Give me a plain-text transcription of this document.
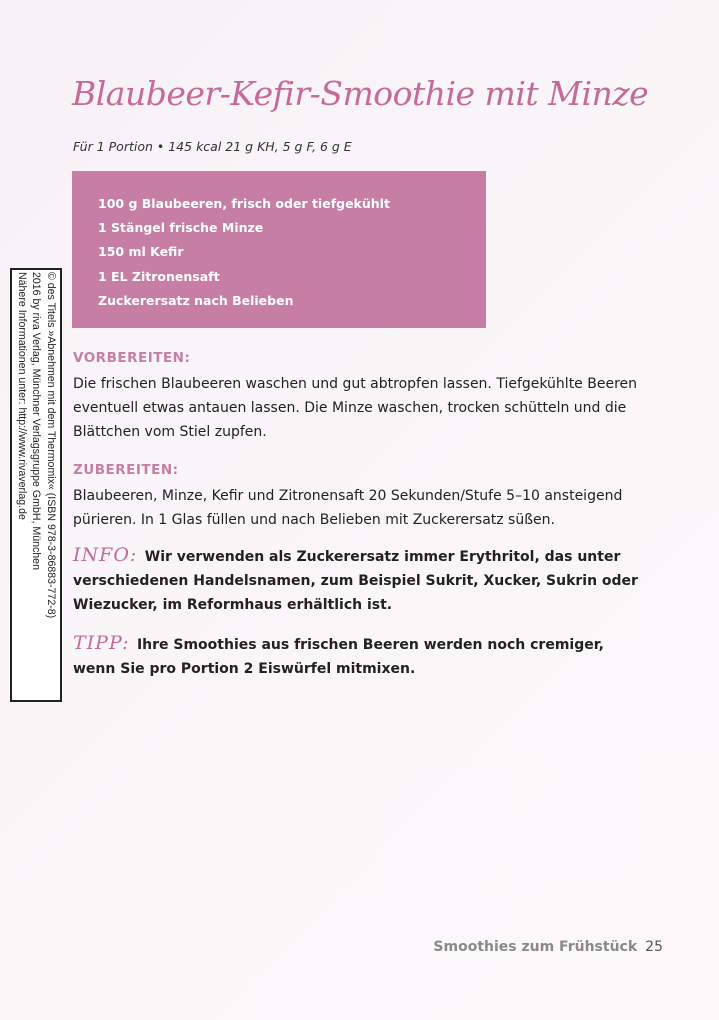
Blaubeer-Kefir-Smoothie mit Minze
Für 1 Portion • 145 kcal 21 g KH, 5 g F, 6 g E
100 g Blaubeeren, frisch oder tiefgekühlt
1 Stängel frische Minze
150 ml Kefir
1 EL Zitronensaft
Zuckerersatz nach Belieben
VORBEREITEN:
Die frischen Blaubeeren waschen und gut abtropfen lassen. Tiefgekühlte Beeren eventuell etwas antauen lassen. Die Minze waschen, trocken schütteln und die Blättchen vom Stiel zupfen.
ZUBEREITEN:
Blaubeeren, Minze, Kefir und Zitronensaft 20 Sekunden/Stufe 5–10 ansteigend pürieren. In 1 Glas füllen und nach Belieben mit Zuckerersatz süßen.
INFO: Wir verwenden als Zuckerersatz immer Erythritol, das unter verschiedenen Handelsnamen, zum Beispiel Sukrit, Xucker, Sukrin oder Wiezucker, im Reformhaus erhältlich ist.
TIPP: Ihre Smoothies aus frischen Beeren werden noch cremiger, wenn Sie pro Portion 2 Eiswürfel mitmixen.
© des Titels »Abnehmen mit dem Thermomix« (ISBN 978-3-86883-772-8)
2016 by riva Verlag, Münchner Verlagsgruppe GmbH, München
Nähere Informationen unter: http://www.rivaverlag.de
Smoothies zum Frühstück 25
